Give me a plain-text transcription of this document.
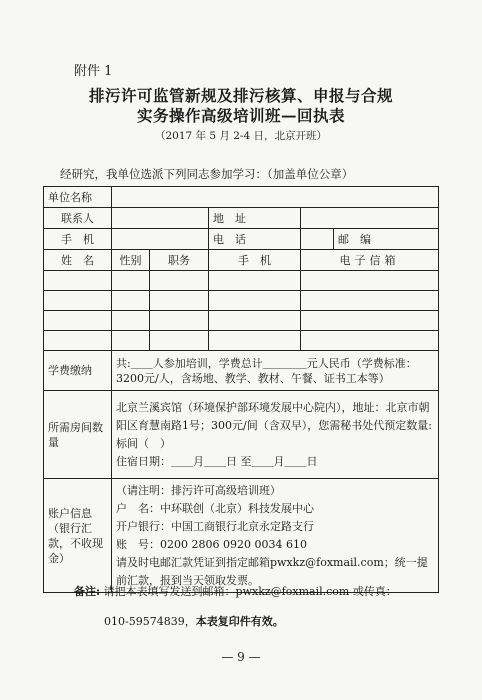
附件 1
排污许可监管新规及排污核算、申报与合规
实务操作高级培训班—回执表
（2017 年 5 月 2-4 日，北京开班）
经研究，我单位选派下列同志参加学习：（加盖单位公章）
单位名称					
联系人			地　址		
手　机			电　话		邮　编
姓　名	性别	职务	手　机	电子信箱	

学费缴纳	共:＿＿人参加培训，学费总计＿＿＿＿元人民币（学费标准：3200元/人，含场地、教学、教材、午餐、证书工本等）				
所需房间数量	北京兰溪宾馆（环境保护部环境发展中心院内），地址：北京市朝阳区育慧南路1号；300元/间（含双早），您需秘书处代预定数量:标间（　）
住宿日期：＿＿月＿＿日 至＿＿月＿＿日				

账户信息（银行汇款，不收现金）	（请注明：排污许可高级培训班）
户　名：中环联创（北京）科技发展中心
开户银行：中国工商银行北京永定路支行
账　号：0200 2806 0920 0034 610
请及时电邮汇款凭证到指定邮箱pwxkz@foxmail.com；统一提前汇款，报到当天领取发票。				
备注: 请把本表填写发送到邮箱：pwxkz@foxmail.com 或传真：
010-59574839，本表复印件有效。
— 9 —
